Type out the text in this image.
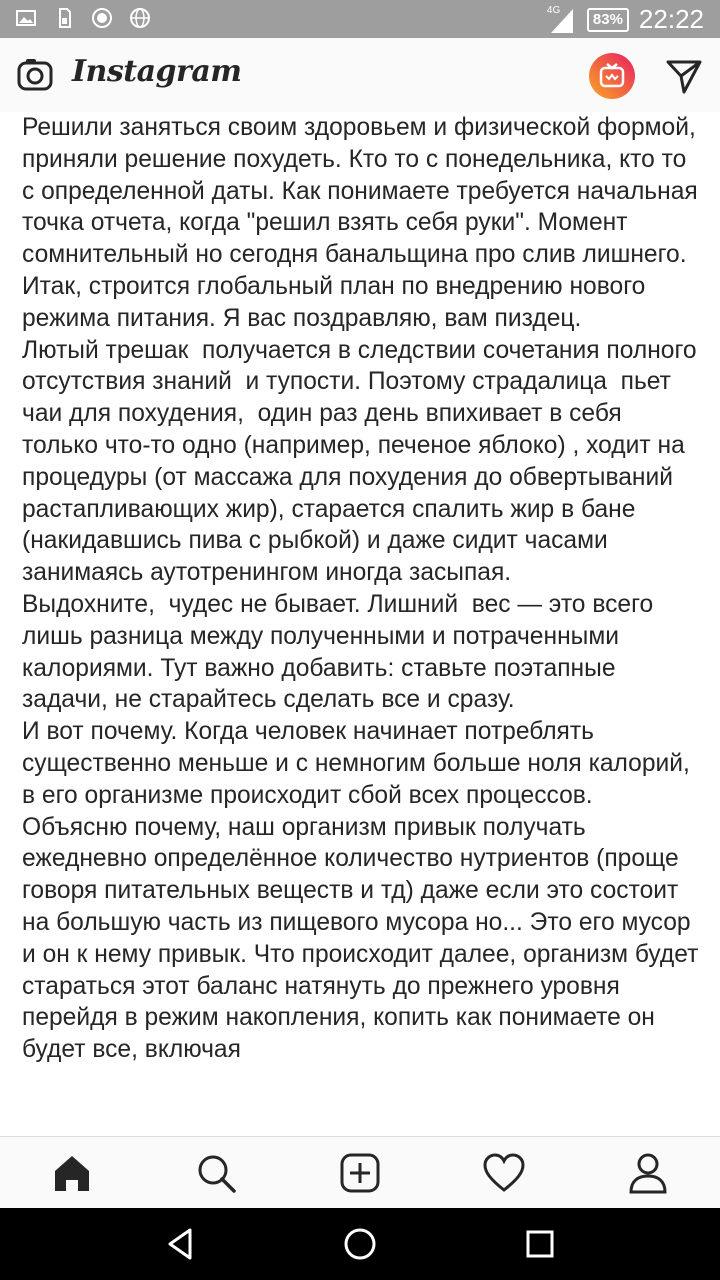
4G
83% 22:22
Instagram

Решили заняться своим здоровьем и физической формой, приняли решение похудеть. Кто то с понедельника, кто то с определенной даты. Как понимаете требуется начальная точка отчета, когда "решил взять себя руки". Момент сомнительный но сегодня банальщина про слив лишнего. Итак, строится глобальный план по внедрению нового режима питания. Я вас поздравляю, вам пиздец.
Лютый трешак  получается в следствии сочетания полного отсутствия знаний  и тупости. Поэтому страдалица  пьет чаи для похудения,  один раз день впихивает в себя только что-то одно (например, печеное яблоко) , ходит на процедуры (от массажа для похудения до обвертываний растапливающих жир), старается спалить жир в бане (накидавшись пива с рыбкой) и даже сидит часами занимаясь аутотренингом иногда засыпая.
Выдохните,  чудес не бывает. Лишний  вес — это всего лишь разница между полученными и потраченными калориями. Тут важно добавить: ставьте поэтапные задачи, не старайтесь сделать все и сразу.
И вот почему. Когда человек начинает потреблять существенно меньше и с немногим больше ноля калорий, в его организме происходит сбой всех процессов. Объясню почему, наш организм привык получать ежедневно определённое количество нутриентов (проще говоря питательных веществ и тд) даже если это состоит на большую часть из пищевого мусора но... Это его мусор и он к нему привык. Что происходит далее, организм будет стараться этот баланс натянуть до прежнего уровня перейдя в режим накопления, копить как понимаете он будет все, включая
